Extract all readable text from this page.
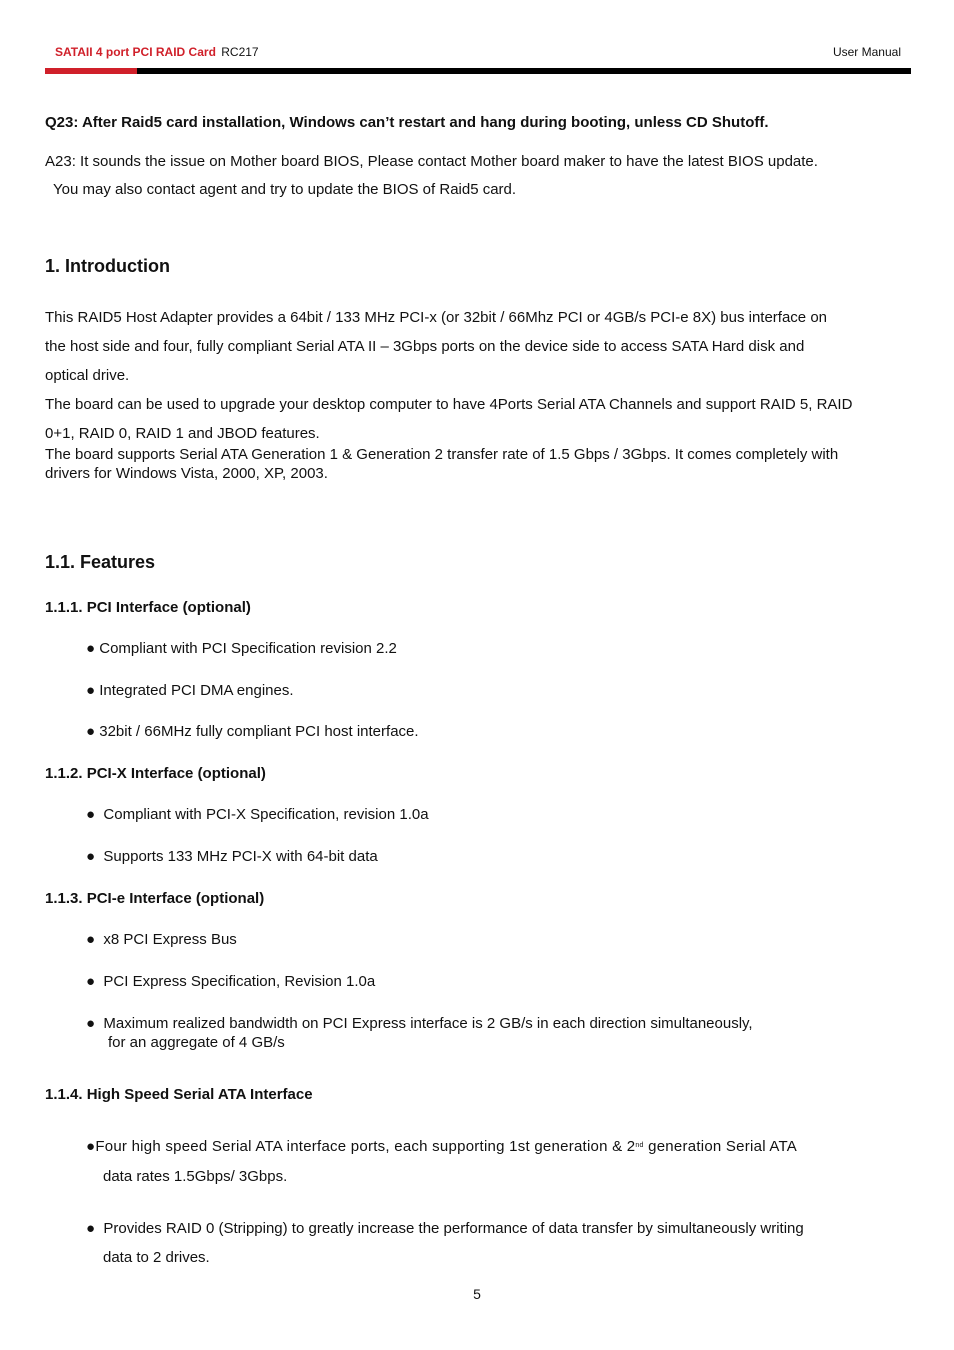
SATAII 4 port PCI RAID Card RC217	User Manual
Q23: After Raid5 card installation, Windows can’t restart and hang during booting, unless CD Shutoff.
A23: It sounds the issue on Mother board BIOS, Please contact Mother board maker to have the latest BIOS update.
You may also contact agent and try to update the BIOS of Raid5 card.
1. Introduction
This RAID5 Host Adapter provides a 64bit / 133 MHz PCI-x (or 32bit / 66Mhz PCI or 4GB/s PCI-e 8X) bus interface on
the host side and four, fully compliant Serial ATA II – 3Gbps ports on the device side to access SATA Hard disk and
optical drive.
The board can be used to upgrade your desktop computer to have 4Ports Serial ATA Channels and support RAID 5, RAID
0+1, RAID 0, RAID 1 and JBOD features.
The board supports Serial ATA Generation 1 & Generation 2 transfer rate of 1.5 Gbps / 3Gbps. It comes completely with
drivers for Windows Vista, 2000, XP, 2003.
1.1. Features
1.1.1. PCI Interface (optional)
● Compliant with PCI Specification revision 2.2
● Integrated PCI DMA engines.
● 32bit / 66MHz fully compliant PCI host interface.
1.1.2. PCI-X Interface (optional)
●  Compliant with PCI-X Specification, revision 1.0a
●  Supports 133 MHz PCI-X with 64-bit data
1.1.3. PCI-e Interface (optional)
●  x8 PCI Express Bus
●  PCI Express Specification, Revision 1.0a
●  Maximum realized bandwidth on PCI Express interface is 2 GB/s in each direction simultaneously,
for an aggregate of 4 GB/s
1.1.4. High Speed Serial ATA Interface
●Four high speed Serial ATA interface ports, each supporting 1st generation & 2nd generation Serial ATA
data rates 1.5Gbps/ 3Gbps.
●  Provides RAID 0 (Stripping) to greatly increase the performance of data transfer by simultaneously writing
data to 2 drives.
5
